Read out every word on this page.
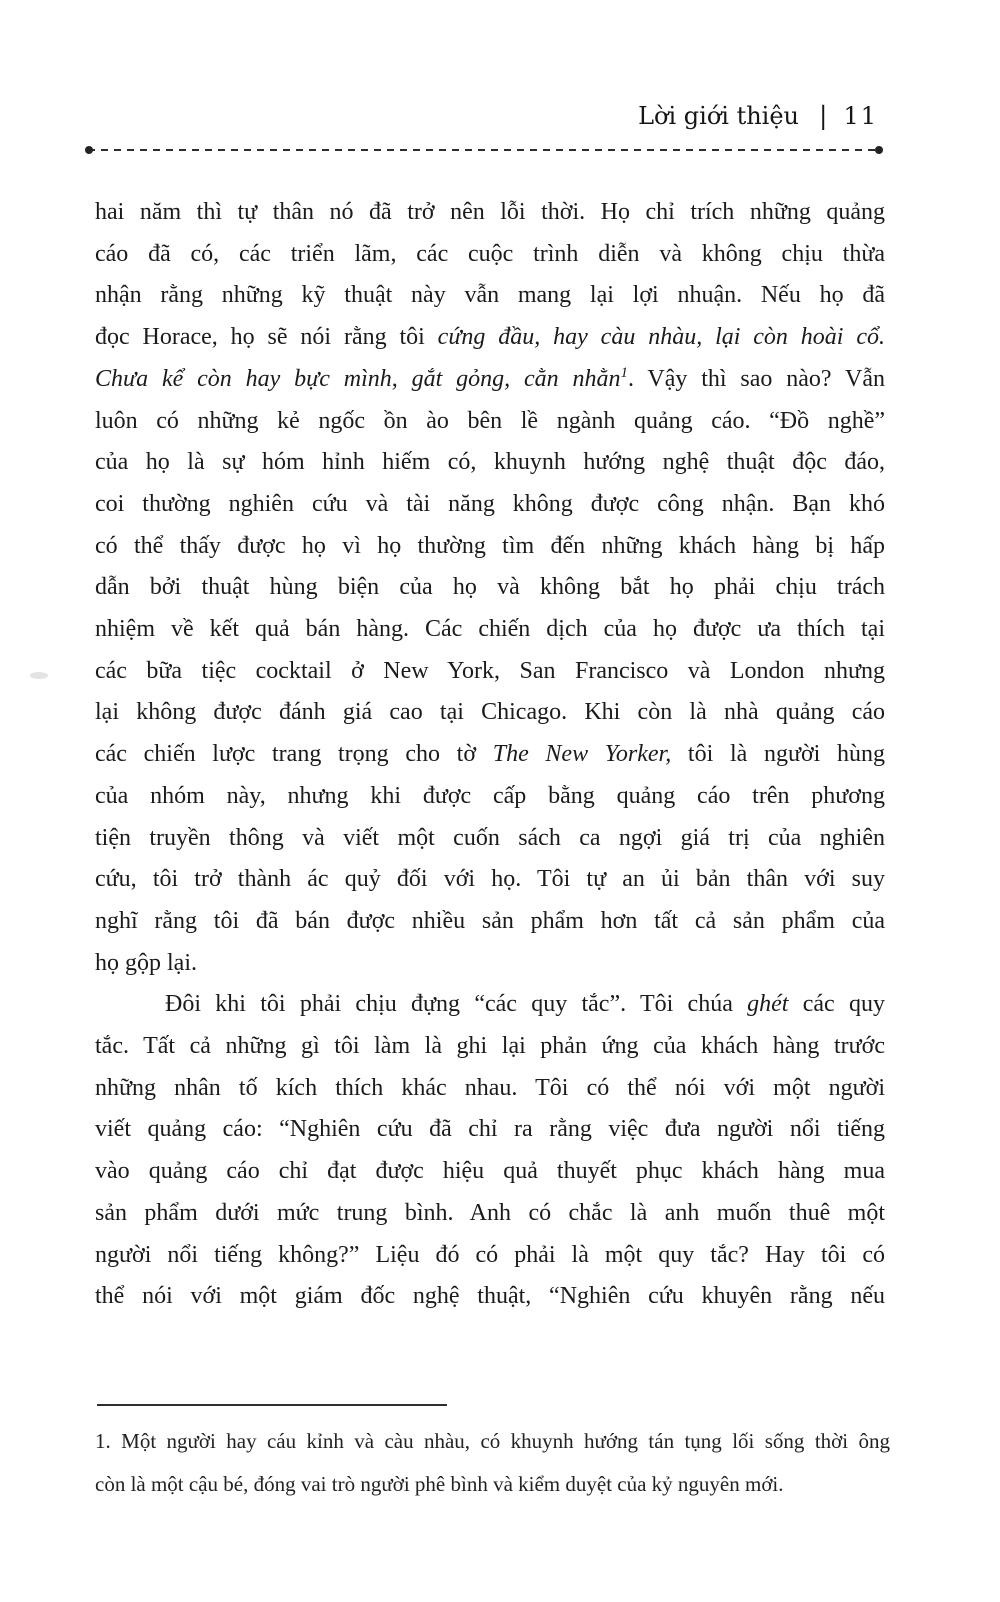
Lời giới thiệu | 11
hai năm thì tự thân nó đã trở nên lỗi thời. Họ chỉ trích những quảng
cáo đã có, các triển lãm, các cuộc trình diễn và không chịu thừa
nhận rằng những kỹ thuật này vẫn mang lại lợi nhuận. Nếu họ đã
đọc Horace, họ sẽ nói rằng tôi cứng đầu, hay càu nhàu, lại còn hoài cổ.
Chưa kể còn hay bực mình, gắt gỏng, cằn nhằn$^1$. Vậy thì sao nào? Vẫn
luôn có những kẻ ngốc ồn ào bên lề ngành quảng cáo. “Đồ nghề”
của họ là sự hóm hỉnh hiếm có, khuynh hướng nghệ thuật độc đáo,
coi thường nghiên cứu và tài năng không được công nhận. Bạn khó
có thể thấy được họ vì họ thường tìm đến những khách hàng bị hấp
dẫn bởi thuật hùng biện của họ và không bắt họ phải chịu trách
nhiệm về kết quả bán hàng. Các chiến dịch của họ được ưa thích tại
các bữa tiệc cocktail ở New York, San Francisco và London nhưng
lại không được đánh giá cao tại Chicago. Khi còn là nhà quảng cáo
các chiến lược trang trọng cho tờ The New Yorker, tôi là người hùng
của nhóm này, nhưng khi được cấp bằng quảng cáo trên phương
tiện truyền thông và viết một cuốn sách ca ngợi giá trị của nghiên
cứu, tôi trở thành ác quỷ đối với họ. Tôi tự an ủi bản thân với suy
nghĩ rằng tôi đã bán được nhiều sản phẩm hơn tất cả sản phẩm của
họ gộp lại.
Đôi khi tôi phải chịu đựng “các quy tắc”. Tôi chúa ghét các quy
tắc. Tất cả những gì tôi làm là ghi lại phản ứng của khách hàng trước
những nhân tố kích thích khác nhau. Tôi có thể nói với một người
viết quảng cáo: “Nghiên cứu đã chỉ ra rằng việc đưa người nổi tiếng
vào quảng cáo chỉ đạt được hiệu quả thuyết phục khách hàng mua
sản phẩm dưới mức trung bình. Anh có chắc là anh muốn thuê một
người nổi tiếng không?” Liệu đó có phải là một quy tắc? Hay tôi có
thể nói với một giám đốc nghệ thuật, “Nghiên cứu khuyên rằng nếu
1. Một người hay cáu kỉnh và càu nhàu, có khuynh hướng tán tụng lối sống thời ông
còn là một cậu bé, đóng vai trò người phê bình và kiểm duyệt của kỷ nguyên mới.
